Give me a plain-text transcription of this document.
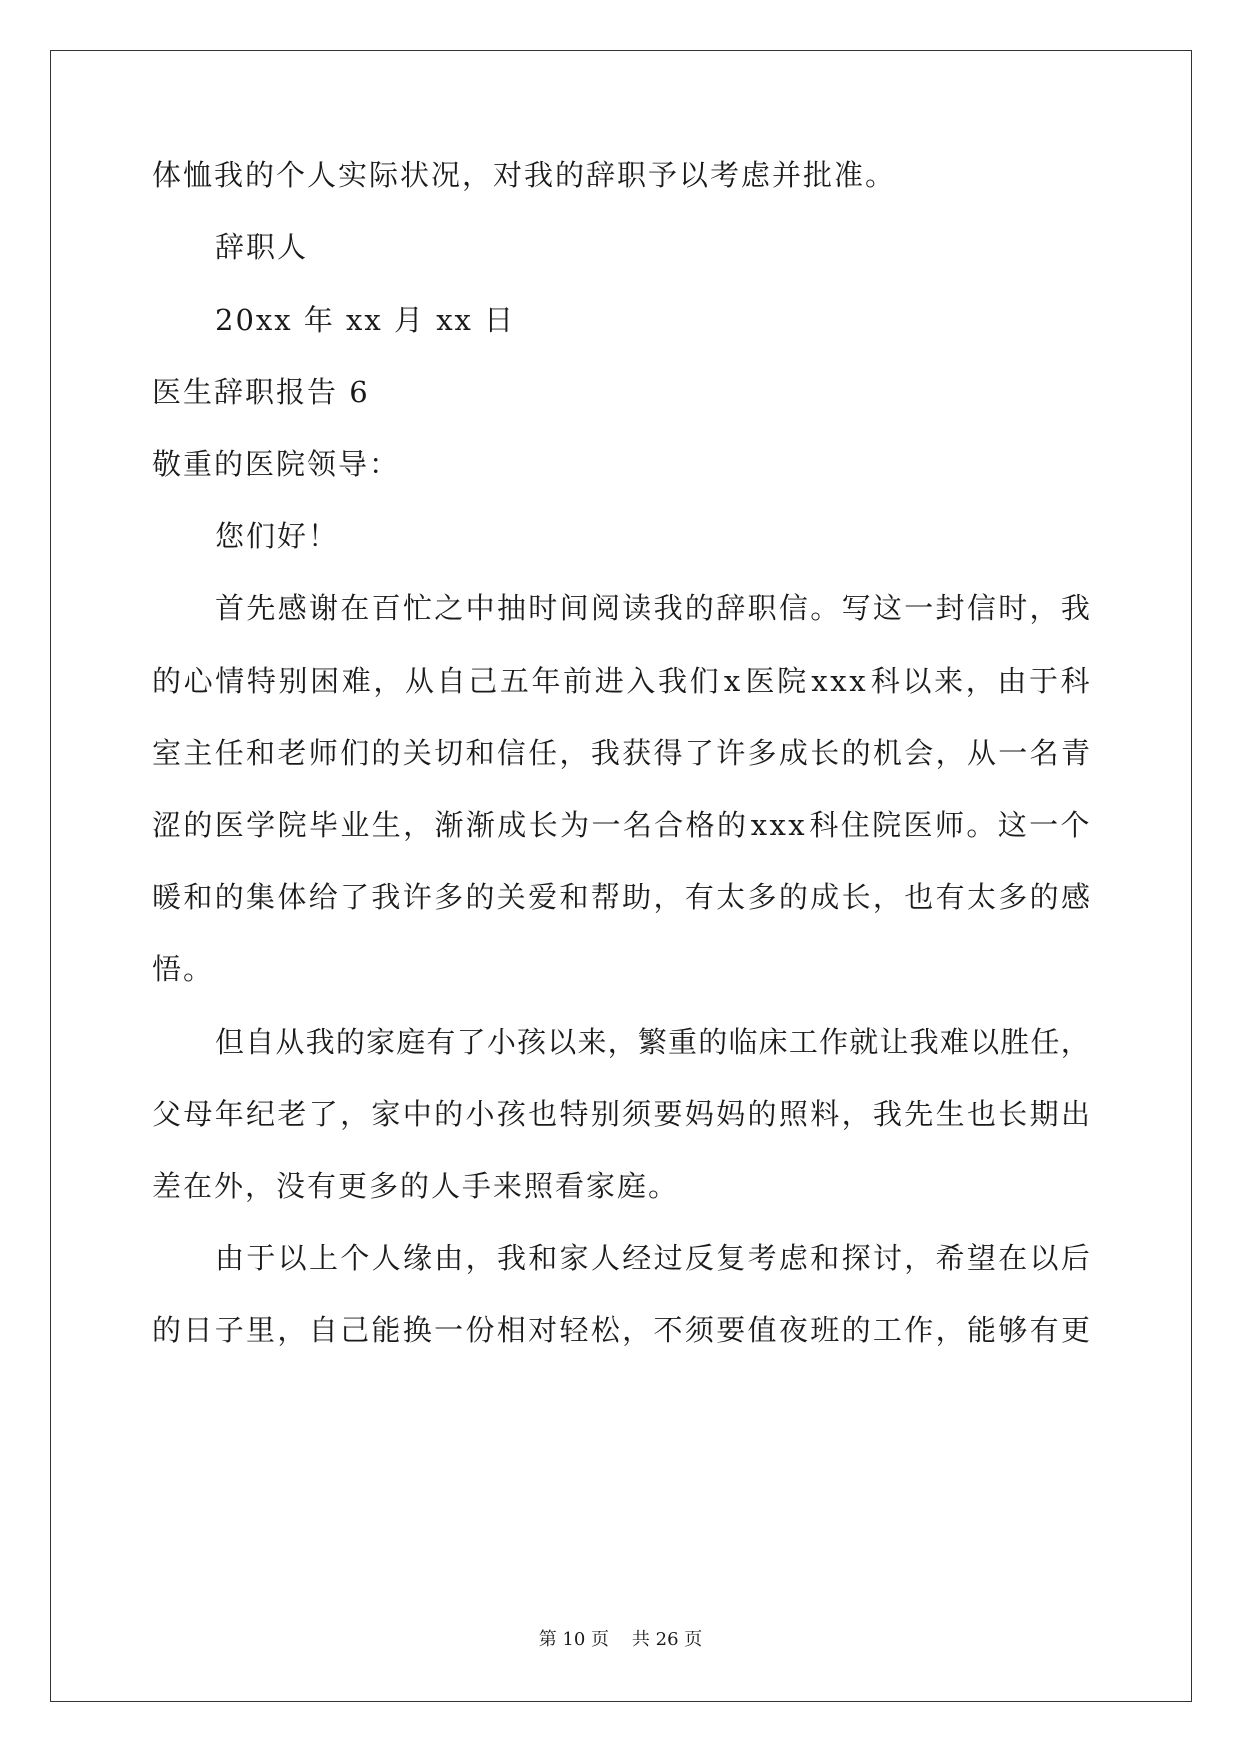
体恤我的个人实际状况，对我的辞职予以考虑并批准。
辞职人
20xx 年 xx 月 xx 日
医生辞职报告 6
敬重的医院领导：
您们好！
首 先 感 谢 在 百 忙 之 中 抽 时 间 阅 读 我 的 辞 职 信 。 写 这 一 封 信 时 ， 我
的 心 情 特 别 困 难 ， 从 自 己 五 年 前 进 入 我 们 x 医 院 x x x 科 以 来 ， 由 于 科
室 主 任 和 老 师 们 的 关 切 和 信 任 ， 我 获 得 了 许 多 成 长 的 机 会 ， 从 一 名 青
涩 的 医 学 院 毕 业 生 ， 渐 渐 成 长 为 一 名 合 格 的 x x x 科 住 院 医 师 。 这 一 个
暖 和 的 集 体 给 了 我 许 多 的 关 爱 和 帮 助 ， 有 太 多 的 成 长 ， 也 有 太 多 的 感
悟。
但 自 从 我 的 家 庭 有 了 小 孩 以 来 ， 繁 重 的 临 床 工 作 就 让 我 难 以 胜 任 ，
父 母 年 纪 老 了 ， 家 中 的 小 孩 也 特 别 须 要 妈 妈 的 照 料 ， 我 先 生 也 长 期 出
差在外，没有更多的人手来照看家庭。
由 于 以 上 个 人 缘 由 ， 我 和 家 人 经 过 反 复 考 虑 和 探 讨 ， 希 望 在 以 后
的 日 子 里 ， 自 己 能 换 一 份 相 对 轻 松 ， 不 须 要 值 夜 班 的 工 作 ， 能 够 有 更
第 10 页    共 26 页
